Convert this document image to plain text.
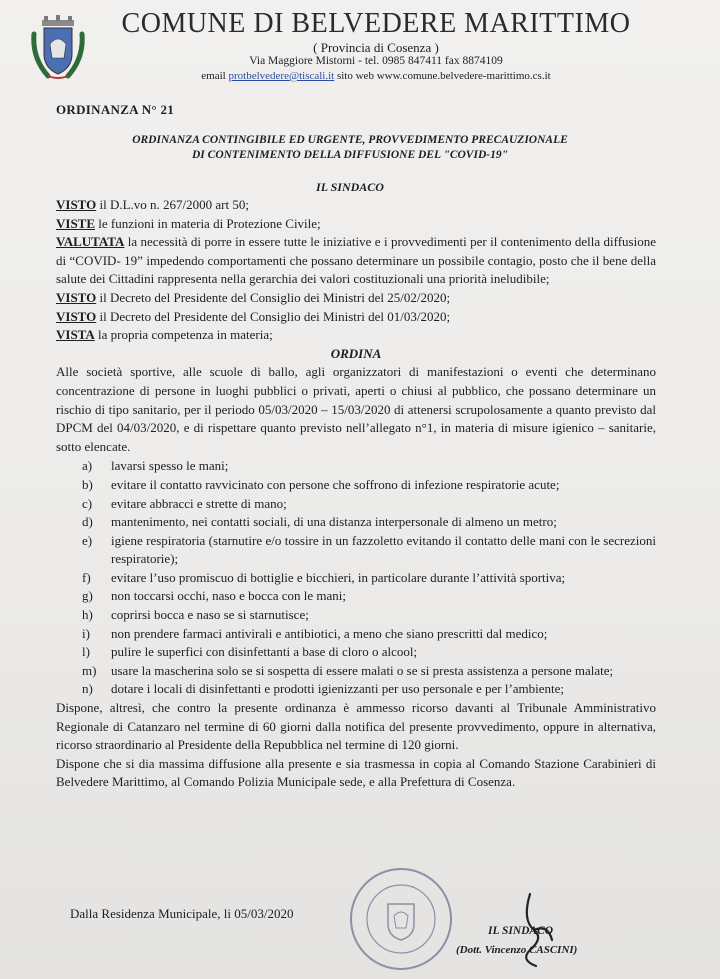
COMUNE DI BELVEDERE MARITTIMO
( Provincia di Cosenza )
Via Maggiore Mistorni - tel. 0985 847411 fax 8874109
email protbelvedere@tiscali.it sito web www.comune.belvedere-marittimo.cs.it
ORDINANZA N° 21
ORDINANZA CONTINGIBILE ED URGENTE, PROVVEDIMENTO PRECAUZIONALE
DI CONTENIMENTO DELLA DIFFUSIONE DEL "COVID-19"
IL SINDACO

VISTO il D.L.vo n. 267/2000 art 50;

VISTE le funzioni in materia di Protezione Civile;

VALUTATA la necessità di porre in essere tutte le iniziative e i provvedimenti per il contenimento della diffusione di “COVID- 19” impedendo comportamenti che possano determinare un possibile contagio, posto che il bene della salute dei Cittadini rappresenta nella gerarchia dei valori costituzionali una priorità ineludibile;

VISTO il Decreto del Presidente del Consiglio dei Ministri del 25/02/2020;

VISTO il Decreto del Presidente del Consiglio dei Ministri del 01/03/2020;

VISTA la propria competenza in materia;

ORDINA

Alle società sportive, alle scuole di ballo, agli organizzatori di manifestazioni o eventi che determinano concentrazione di persone in luoghi pubblici o privati, aperti o chiusi al pubblico, che possano determinare un rischio di tipo sanitario, per il periodo 05/03/2020 – 15/03/2020 di attenersi scrupolosamente a quanto previsto dal DPCM del 04/03/2020, e di rispettare quanto previsto nell’allegato n°1, in materia di misure igienico – sanitarie, sotto elencate.

a) lavarsi spesso le mani;
b) evitare il contatto ravvicinato con persone che soffrono di infezione respiratorie acute;
c) evitare abbracci e strette di mano;
d) mantenimento, nei contatti sociali, di una distanza interpersonale di almeno un metro;
e) igiene respiratoria (starnutire e/o tossire in un fazzoletto evitando il contatto delle mani con le secrezioni respiratorie);
f) evitare l’uso promiscuo di bottiglie e bicchieri, in particolare durante l’attività sportiva;
g) non toccarsi occhi, naso e bocca con le mani;
h) coprirsi bocca e naso se si starnutisce;
i) non prendere farmaci antivirali e antibiotici, a meno che siano prescritti dal medico;
l) pulire le superfici con disinfettanti a base di cloro o alcool;
m) usare la mascherina solo se si sospetta di essere malati o se si presta assistenza a persone malate;
n) dotare i locali di disinfettanti e prodotti igienizzanti per uso personale e per l’ambiente;

Dispone, altresì, che contro la presente ordinanza è ammesso ricorso davanti al Tribunale Amministrativo Regionale di Catanzaro nel termine di 60 giorni dalla notifica del presente provvedimento, oppure in alternativa, ricorso straordinario al Presidente della Repubblica nel termine di 120 giorni.

Dispone che si dia massima diffusione alla presente e sia trasmessa in copia al Comando Stazione Carabinieri di Belvedere Marittimo, al Comando Polizia Municipale sede, e alla Prefettura di Cosenza.

Dalla Residenza Municipale, li 05/03/2020
IL SINDACO
(Dott. Vincenzo CASCINI)
